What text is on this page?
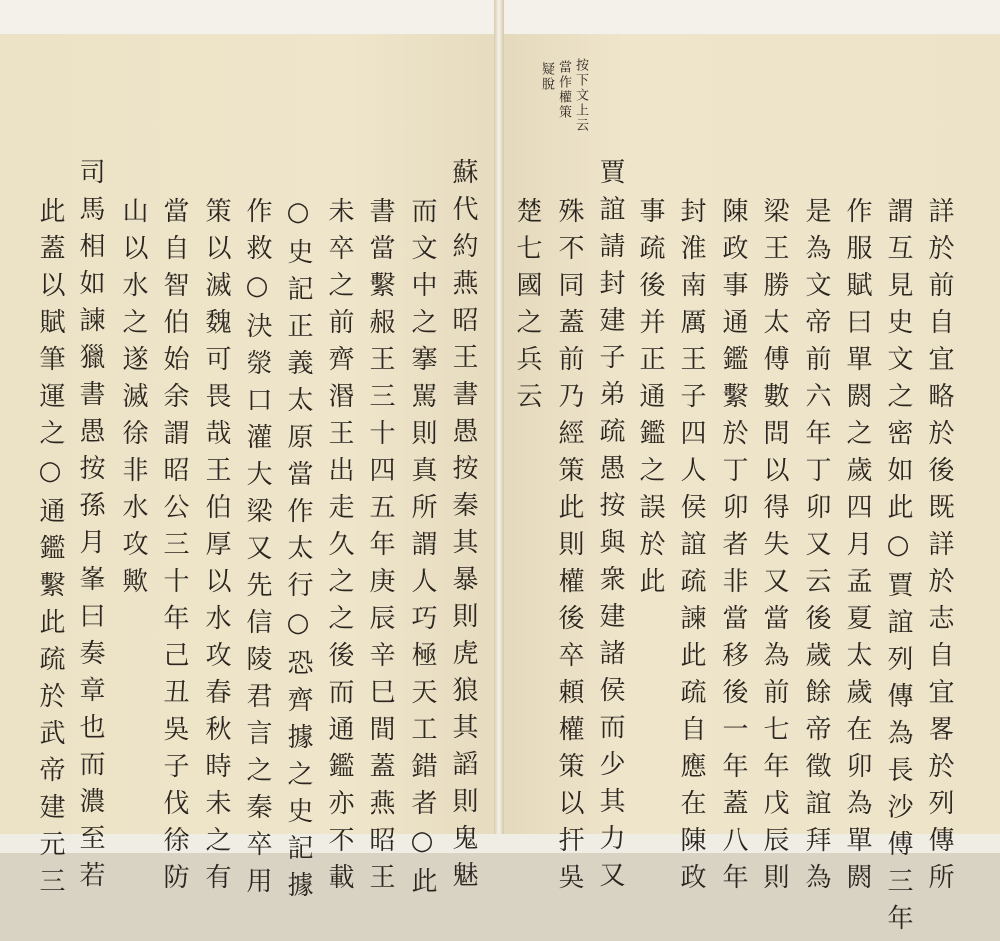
蘇代約燕昭王書愚按秦其暴則虎狼其謟則鬼魅
而文中之搴駡則真所謂人巧極天工錯者○此
書當繫赧王三十四五年庚辰辛巳間蓋燕昭王
未卒之前齊湣王出走久之之後而通鑑亦不載
○史記正義太原當作太行○恐齊據之史記據
作救○決滎口灌大梁又先信陵君言之秦卒用
策以滅魏可畏哉王伯厚以水攻春秋時未之有
當自智伯始余謂昭公三十年己丑吳子伐徐防
山以水之遂滅徐非水攻歟
司馬相如諫獵書愚按孫月峯曰奏章也而濃至若
此蓋以賦筆運之○通鑑繫此疏於武帝建元三
按下文上云
當作權策
疑脫
詳於前自宜略於後既詳於志自宜畧於列傳所
謂互見史文之密如此○賈誼列傳為長沙傅三年
作服賦曰單閼之歲四月孟夏太歲在卯為單閼
是為文帝前六年丁卯又云後歲餘帝徵誼拜為
梁王勝太傅數問以得失又當為前七年戊辰則
陳政事通鑑繫於丁卯者非當移後一年蓋八年
封淮南厲王子四人侯誼疏諫此疏自應在陳政
事疏後并正通鑑之誤於此
賈誼請封建子弟疏愚按與衆建諸侯而少其力又
殊不同蓋前乃經策此則權後卒頼權策以扞吳
楚七國之兵云
